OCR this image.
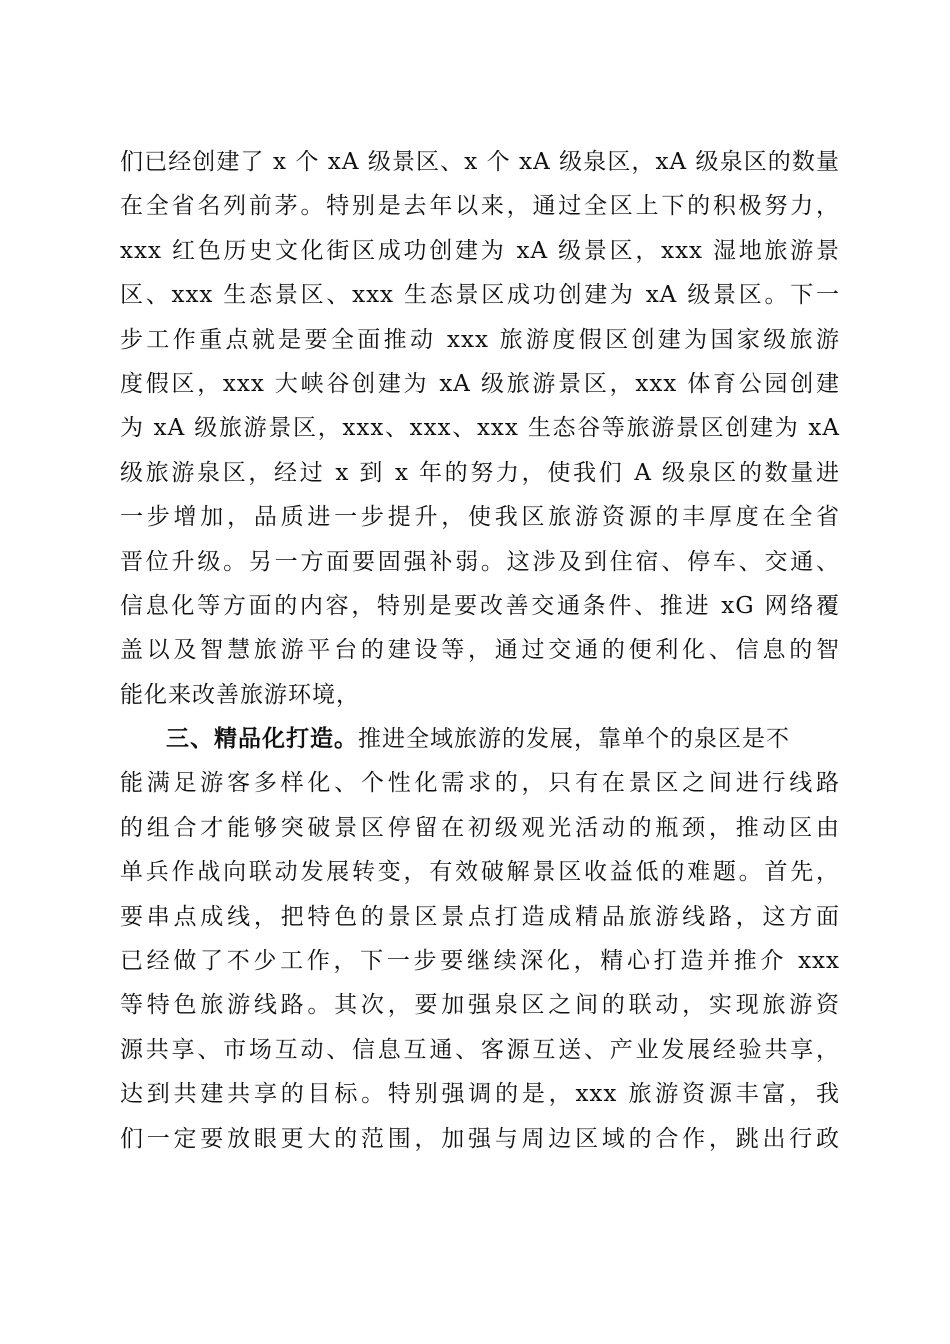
们已经创建了 x 个 xA 级景区、x 个 xA 级泉区，xA 级泉区的数量
在全省名列前茅。特别是去年以来，通过全区上下的积极努力，
xxx 红色历史文化街区成功创建为 xA 级景区，xxx 湿地旅游景
区、xxx 生态景区、xxx 生态景区成功创建为 xA 级景区。下一
步工作重点就是要全面推动 xxx 旅游度假区创建为国家级旅游
度假区，xxx 大峡谷创建为 xA 级旅游景区，xxx 体育公园创建
为 xA 级旅游景区，xxx、xxx、xxx 生态谷等旅游景区创建为 xA
级旅游泉区，经过 x 到 x 年的努力，使我们 A 级泉区的数量进
一步增加，品质进一步提升，使我区旅游资源的丰厚度在全省
晋位升级。另一方面要固强补弱。这涉及到住宿、停车、交通、
信息化等方面的内容，特别是要改善交通条件、推进 xG 网络覆
盖以及智慧旅游平台的建设等，通过交通的便利化、信息的智
能化来改善旅游环境，
三、精品化打造。推进全域旅游的发展，靠单个的泉区是不
能满足游客多样化、个性化需求的，只有在景区之间进行线路
的组合才能够突破景区停留在初级观光活动的瓶颈，推动区由
单兵作战向联动发展转变，有效破解景区收益低的难题。首先，
要串点成线，把特色的景区景点打造成精品旅游线路，这方面
已经做了不少工作，下一步要继续深化，精心打造并推介 xxx
等特色旅游线路。其次，要加强泉区之间的联动，实现旅游资
源共享、市场互动、信息互通、客源互送、产业发展经验共享，
达到共建共享的目标。特别强调的是，xxx 旅游资源丰富，我
们一定要放眼更大的范围，加强与周边区域的合作，跳出行政
